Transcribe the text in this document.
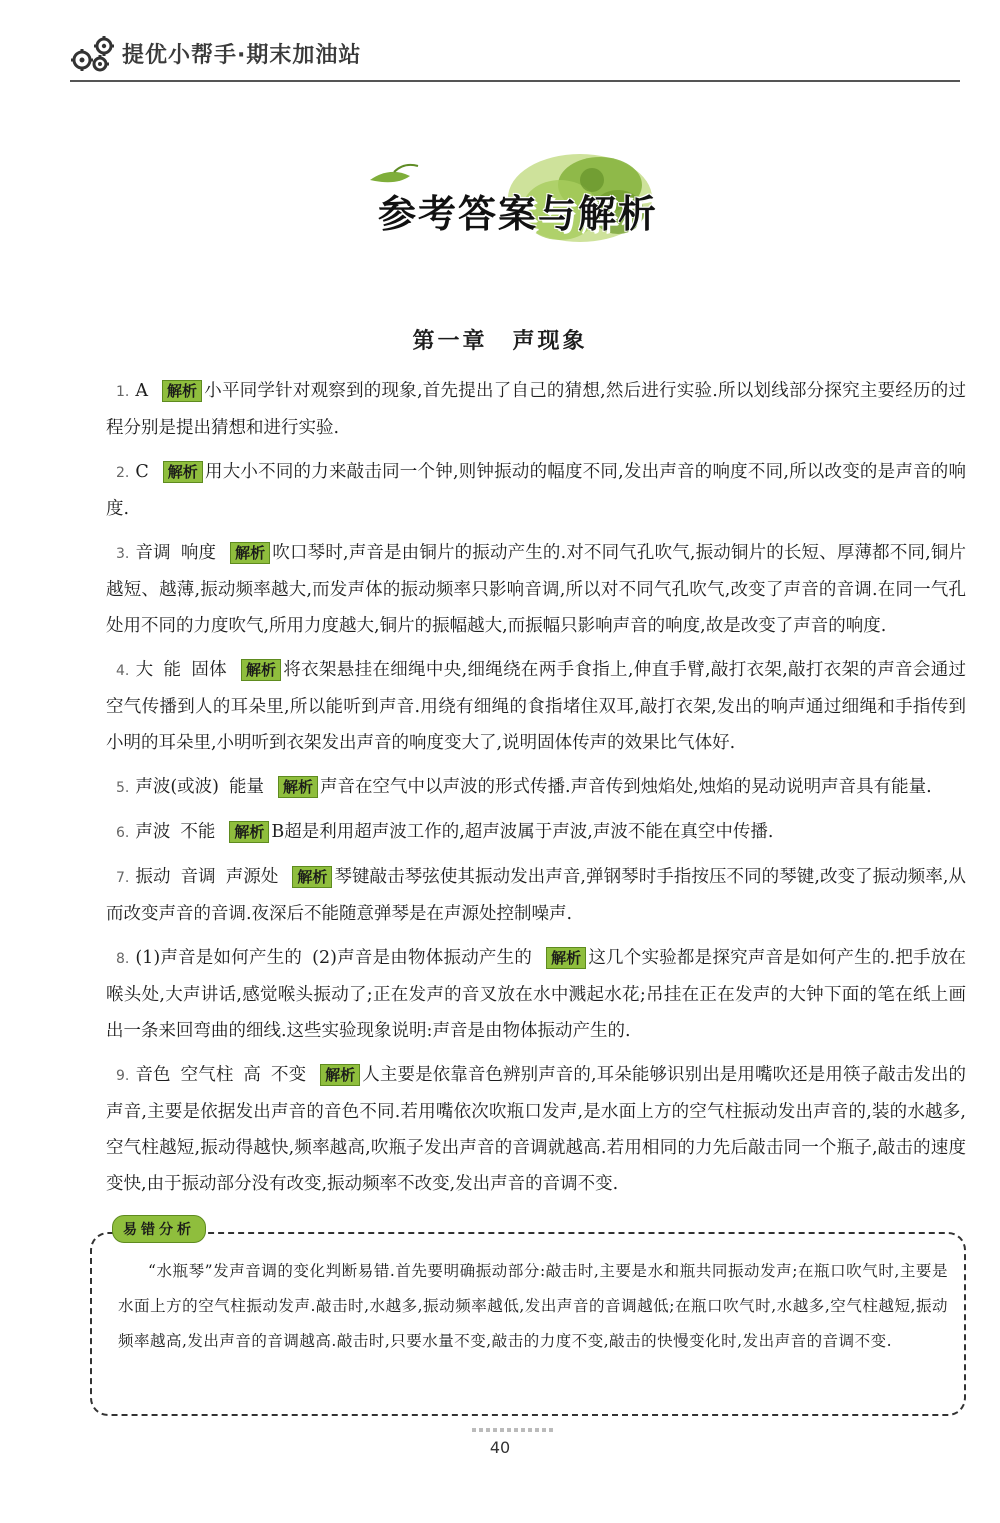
提优小帮手·期末加油站
参考答案与解析
第一章　声现象
1. A 解析 小平同学针对观察到的现象,首先提出了自己的猜想,然后进行实验.所以划线部分探究主要经历的过程分别是提出猜想和进行实验.
2. C 解析 用大小不同的力来敲击同一个钟,则钟振动的幅度不同,发出声音的响度不同,所以改变的是声音的响度.
3. 音调 响度 解析 吹口琴时,声音是由铜片的振动产生的.对不同气孔吹气,振动铜片的长短、厚薄都不同,铜片越短、越薄,振动频率越大,而发声体的振动频率只影响音调,所以对不同气孔吹气,改变了声音的音调.在同一气孔处用不同的力度吹气,所用力度越大,铜片的振幅越大,而振幅只影响声音的响度,故是改变了声音的响度.
4. 大 能 固体 解析 将衣架悬挂在细绳中央,细绳绕在两手食指上,伸直手臂,敲打衣架,敲打衣架的声音会通过空气传播到人的耳朵里,所以能听到声音.用绕有细绳的食指堵住双耳,敲打衣架,发出的响声通过细绳和手指传到小明的耳朵里,小明听到衣架发出声音的响度变大了,说明固体传声的效果比气体好.
5. 声波(或波) 能量 解析 声音在空气中以声波的形式传播.声音传到烛焰处,烛焰的晃动说明声音具有能量.
6. 声波 不能 解析 B超是利用超声波工作的,超声波属于声波,声波不能在真空中传播.
7. 振动 音调 声源处 解析 琴键敲击琴弦使其振动发出声音,弹钢琴时手指按压不同的琴键,改变了振动频率,从而改变声音的音调.夜深后不能随意弹琴是在声源处控制噪声.
8. (1)声音是如何产生的 (2)声音是由物体振动产生的 解析 这几个实验都是探究声音是如何产生的.把手放在喉头处,大声讲话,感觉喉头振动了;正在发声的音叉放在水中溅起水花;吊挂在正在发声的大钟下面的笔在纸上画出一条来回弯曲的细线.这些实验现象说明:声音是由物体振动产生的.
9. 音色 空气柱 高 不变 解析 人主要是依靠音色辨别声音的,耳朵能够识别出是用嘴吹还是用筷子敲击发出的声音,主要是依据发出声音的音色不同.若用嘴依次吹瓶口发声,是水面上方的空气柱振动发出声音的,装的水越多,空气柱越短,振动得越快,频率越高,吹瓶子发出声音的音调就越高.若用相同的力先后敲击同一个瓶子,敲击的速度变快,由于振动部分没有改变,振动频率不改变,发出声音的音调不变.
易错分析
“水瓶琴”发声音调的变化判断易错.首先要明确振动部分:敲击时,主要是水和瓶共同振动发声;在瓶口吹气时,主要是水面上方的空气柱振动发声.敲击时,水越多,振动频率越低,发出声音的音调越低;在瓶口吹气时,水越多,空气柱越短,振动频率越高,发出声音的音调越高.敲击时,只要水量不变,敲击的力度不变,敲击的快慢变化时,发出声音的音调不变.
40
